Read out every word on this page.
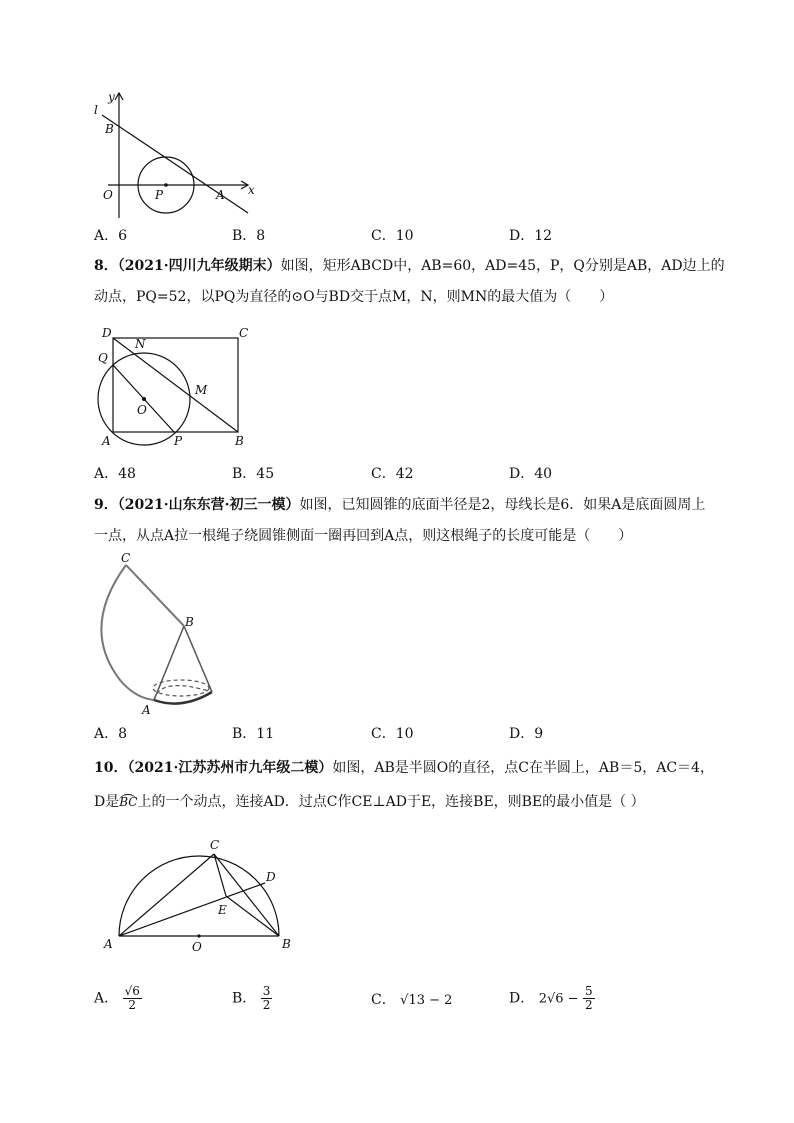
l
y
B
O	P	A x
A．6	B．8	C．10	D．12
8．（2021·四川九年级期末）如图，矩形ABCD中，AB=60，AD=45，P，Q分别是AB，AD边上的
动点，PQ=52，以PQ为直径的⊙O与BD交于点M，N，则MN的最大值为（　　）
D	C
Q
N
M
O
A	P	B
A．48	B．45	C．42	D．40
9．（2021·山东东营·初三一模）如图，已知圆锥的底面半径是2，母线长是6．如果A是底面圆周上
一点，从点A拉一根绳子绕圆锥侧面一圈再回到A点，则这根绳子的长度可能是（　　）
C
B
A
A．8	B．11	C．10	D．9
10．（2021·江苏苏州市九年级二模）如图，AB是半圆O的直径，点C在半圆上，AB＝5，AC＝4，
D是BC上的一个动点，连接AD．过点C作CE⊥AD于E，连接BE，则BE的最小值是（ ）
C
D
E
A	O	B
A． $\frac{√6}{2}$	B． $\frac{3}{2}$	C． √13 − 2	D． $2√6 - \frac{5}{2}$
